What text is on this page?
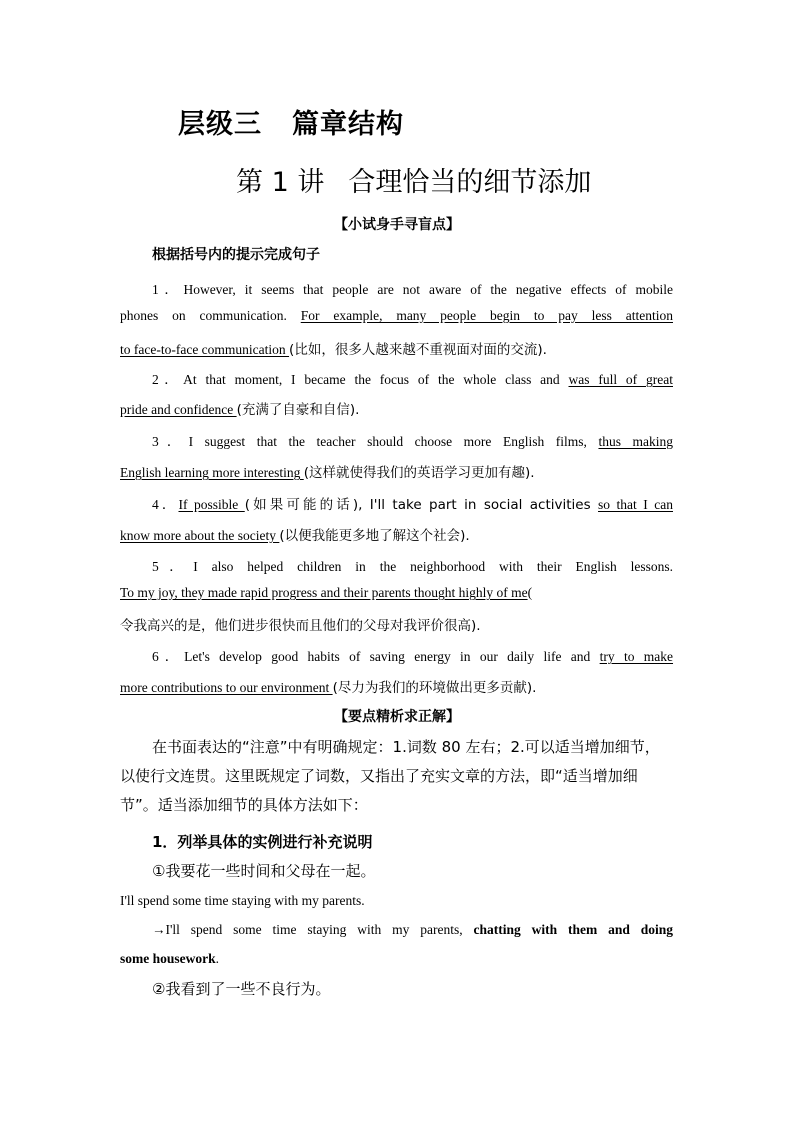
层级三 篇章结构
第 1 讲 合理恰当的细节添加
【小试身手寻盲点】
根据括号内的提示完成句子
1．However, it seems that people are not aware of the negative effects of mobile
phones on communication. For example, many people begin to pay less attention
to face-to-face communication (比如，很多人越来越不重视面对面的交流).
2．At that moment, I became the focus of the whole class and was full of great
pride and confidence (充满了自豪和自信).
3．I suggest that the teacher should choose more English films, thus making
English learning more interesting (这样就使得我们的英语学习更加有趣).
4．If possible (如果可能的话), I'll take part in social activities so that I can
know more about the society (以便我能更多地了解这个社会).
5．I also helped children in the neighborhood with their English lessons.
To my joy, they made rapid progress and their parents thought highly of me(
令我高兴的是，他们进步很快而且他们的父母对我评价很高).
6．Let's develop good habits of saving energy in our daily life and try to make
more contributions to our environment (尽力为我们的环境做出更多贡献).
【要点精析求正解】
在书面表达的“注意”中有明确规定：1.词数 80 左右；2.可以适当增加细节，以使行文连贯。这里既规定了词数，又指出了充实文章的方法，即“适当增加细节”。适当添加细节的具体方法如下：
1．列举具体的实例进行补充说明
①我要花一些时间和父母在一起。
I'll spend some time staying with my parents.
→I'll spend some time staying with my parents, chatting with them and doing
some housework.
②我看到了一些不良行为。
